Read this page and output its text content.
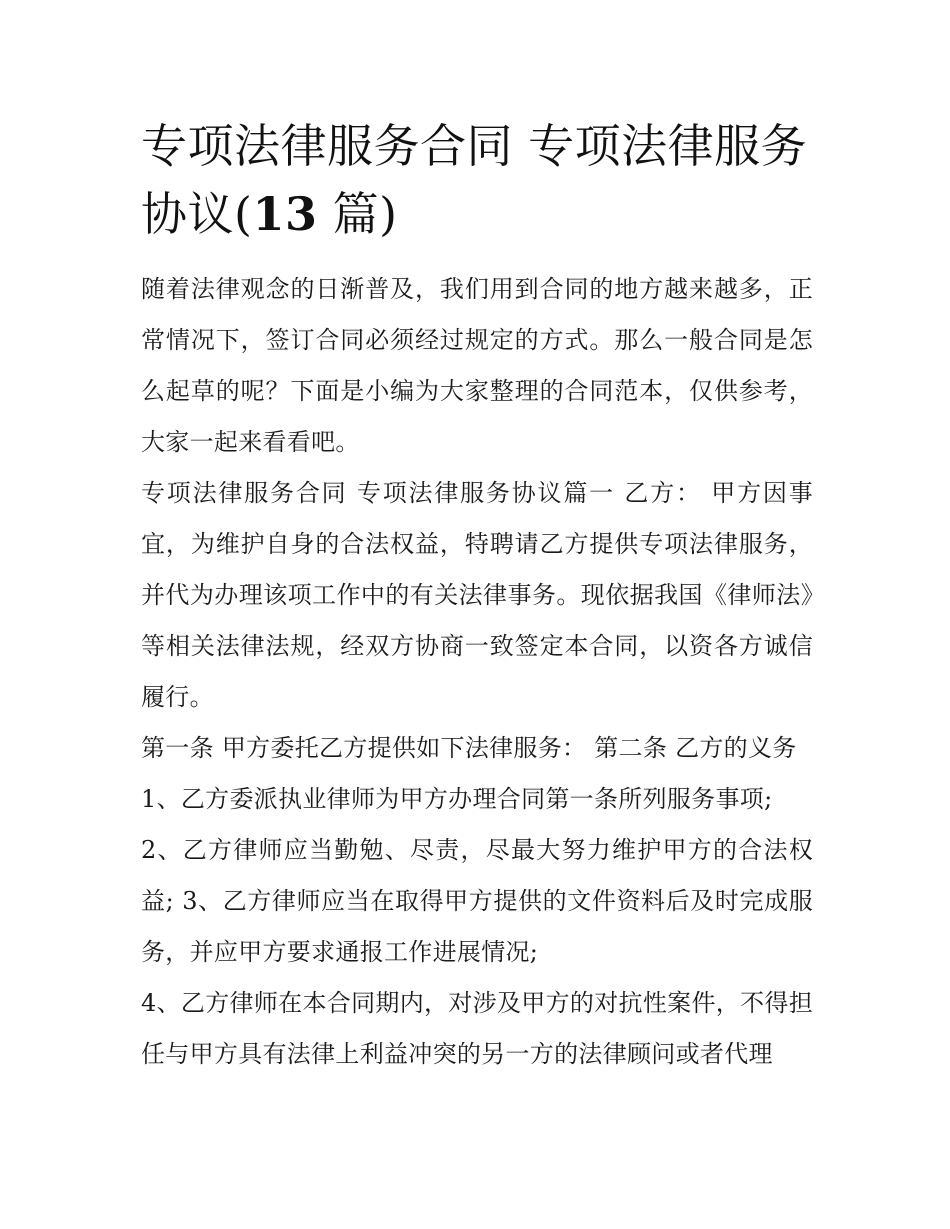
专项法律服务合同 专项法律服务协议(13 篇)

随着法律观念的日渐普及，我们用到合同的地方越来越多，正常情况下，签订合同必须经过规定的方式。那么一般合同是怎么起草的呢？下面是小编为大家整理的合同范本，仅供参考，大家一起来看看吧。

专项法律服务合同 专项法律服务协议篇一 乙方： 甲方因事宜，为维护自身的合法权益，特聘请乙方提供专项法律服务，并代为办理该项工作中的有关法律事务。现依据我国《律师法》等相关法律法规，经双方协商一致签定本合同，以资各方诚信履行。

第一条 甲方委托乙方提供如下法律服务： 第二条 乙方的义务

1、乙方委派执业律师为甲方办理合同第一条所列服务事项;

2、乙方律师应当勤勉、尽责，尽最大努力维护甲方的合法权益; 3、乙方律师应当在取得甲方提供的文件资料后及时完成服务，并应甲方要求通报工作进展情况;

4、乙方律师在本合同期内，对涉及甲方的对抗性案件，不得担任与甲方具有法律上利益冲突的另一方的法律顾问或者代理
